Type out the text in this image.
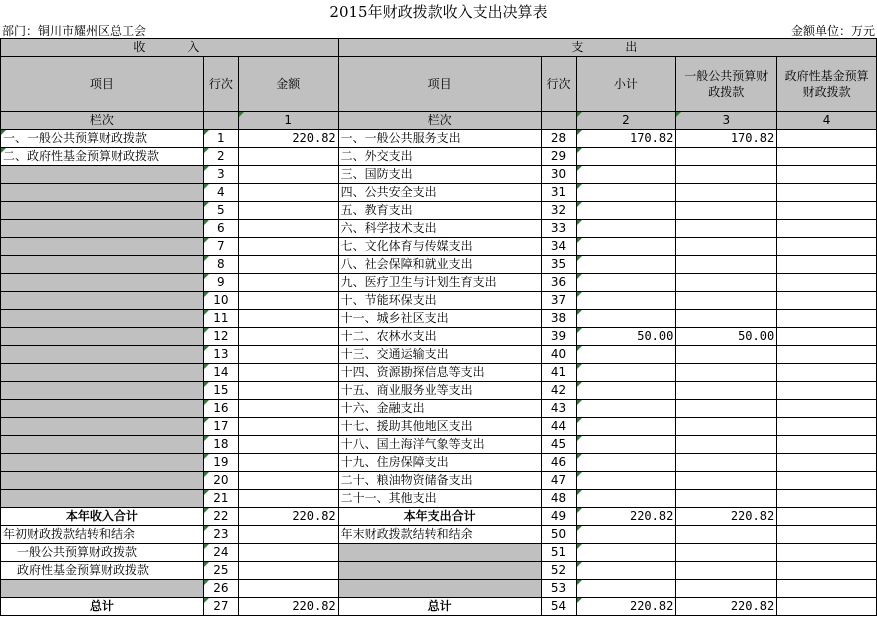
2015年财政拨款收入支出决算表
部门：铜川市耀州区总工会	金额单位：万元
收　　入			支　　出				
项目	行次	金额	项目	行次	小计	一般公共预算财政拨款	政府性基金预算财政拨款
栏次		1	栏次		2	3	4
一、一般公共预算财政拨款	1	220.82	一、一般公共服务支出	28	170.82	170.82	
二、政府性基金预算财政拨款	2		二、外交支出	29			
	3		三、国防支出	30			
	4		四、公共安全支出	31			
	5		五、教育支出	32			
	6		六、科学技术支出	33			
	7		七、文化体育与传媒支出	34			
	8		八、社会保障和就业支出	35			
	9		九、医疗卫生与计划生育支出	36			
	10		十、节能环保支出	37			
	11		十一、城乡社区支出	38			
	12		十二、农林水支出	39	50.00	50.00	
	13		十三、交通运输支出	40			
	14		十四、资源勘探信息等支出	41			
	15		十五、商业服务业等支出	42			
	16		十六、金融支出	43			
	17		十七、援助其他地区支出	44			
	18		十八、国土海洋气象等支出	45			
	19		十九、住房保障支出	46			
	20		二十、粮油物资储备支出	47			
	21		二十一、其他支出	48			
本年收入合计	22	220.82	本年支出合计	49	220.82	220.82	
年初财政拨款结转和结余	23		年末财政拨款结转和结余	50			
一般公共预算财政拨款	24			51			
政府性基金预算财政拨款	25			52			
	26			53			
总计	27	220.82	总计	54	220.82	220.82	
